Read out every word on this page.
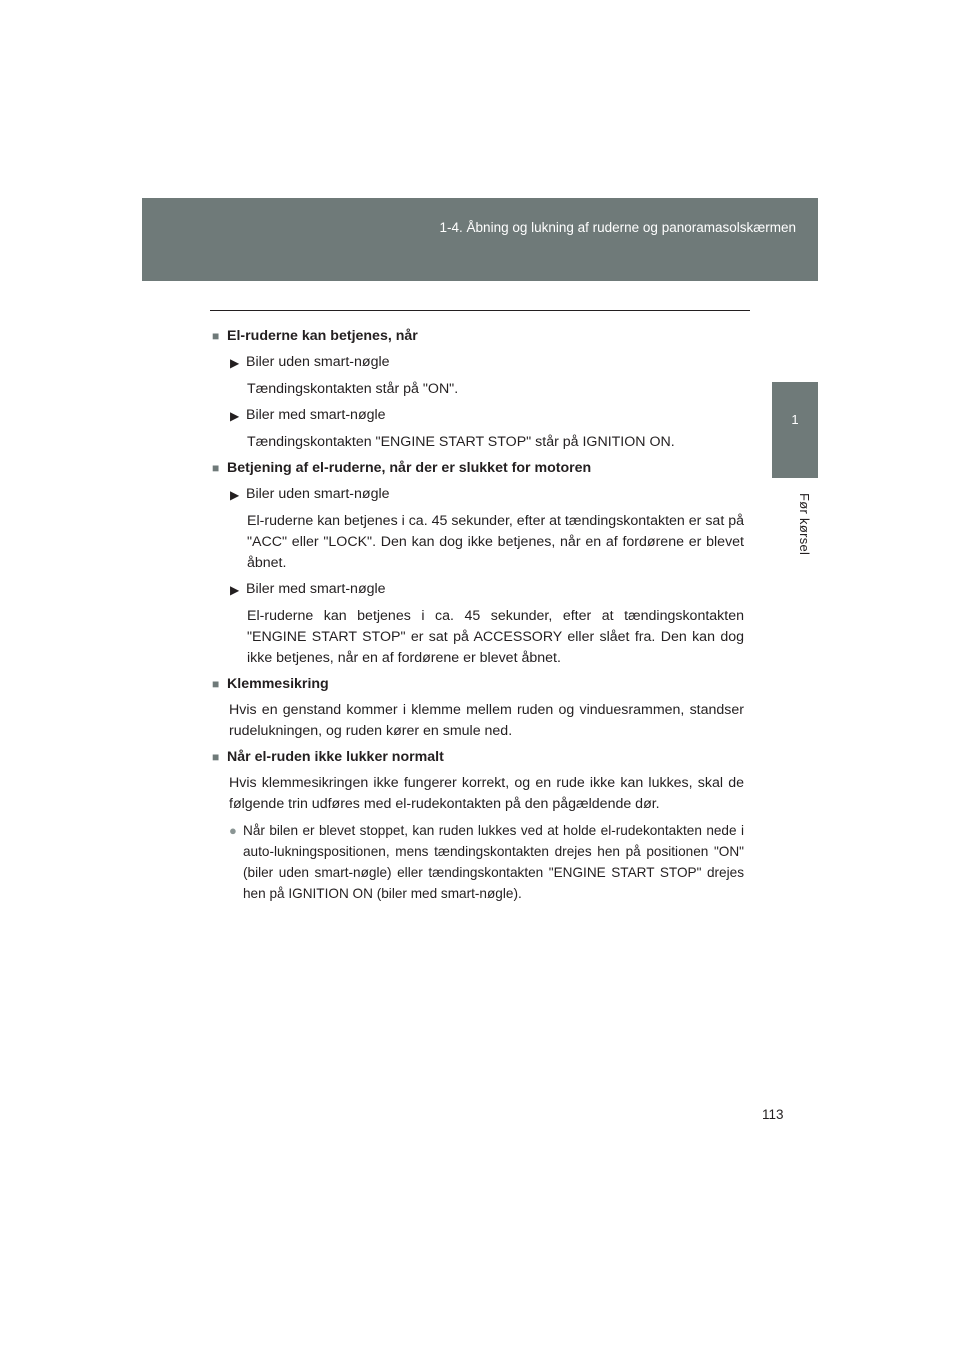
1-4. Åbning og lukning af ruderne og panoramasolskærmen
1
Før kørsel
■ El-ruderne kan betjenes, når
▶ Biler uden smart-nøgle
Tændingskontakten står på "ON".
▶ Biler med smart-nøgle
Tændingskontakten "ENGINE START STOP" står på IGNITION ON.
■ Betjening af el-ruderne, når der er slukket for motoren
▶ Biler uden smart-nøgle
El-ruderne kan betjenes i ca. 45 sekunder, efter at tændingskontakten er sat på "ACC" eller "LOCK". Den kan dog ikke betjenes, når en af fordørene er blevet åbnet.
▶ Biler med smart-nøgle
El-ruderne kan betjenes i ca. 45 sekunder, efter at tændingskontakten "ENGINE START STOP" er sat på ACCESSORY eller slået fra. Den kan dog ikke betjenes, når en af fordørene er blevet åbnet.
■ Klemmesikring
Hvis en genstand kommer i klemme mellem ruden og vinduesrammen, standser rudelukningen, og ruden kører en smule ned.
■ Når el-ruden ikke lukker normalt
Hvis klemmesikringen ikke fungerer korrekt, og en rude ikke kan lukkes, skal de følgende trin udføres med el-rudekontakten på den pågældende dør.
● Når bilen er blevet stoppet, kan ruden lukkes ved at holde el-rudekontakten nede i auto-lukningspositionen, mens tændingskontakten drejes hen på positionen "ON" (biler uden smart-nøgle) eller tændingskontakten "ENGINE START STOP" drejes hen på IGNITION ON (biler med smart-nøgle).
113
